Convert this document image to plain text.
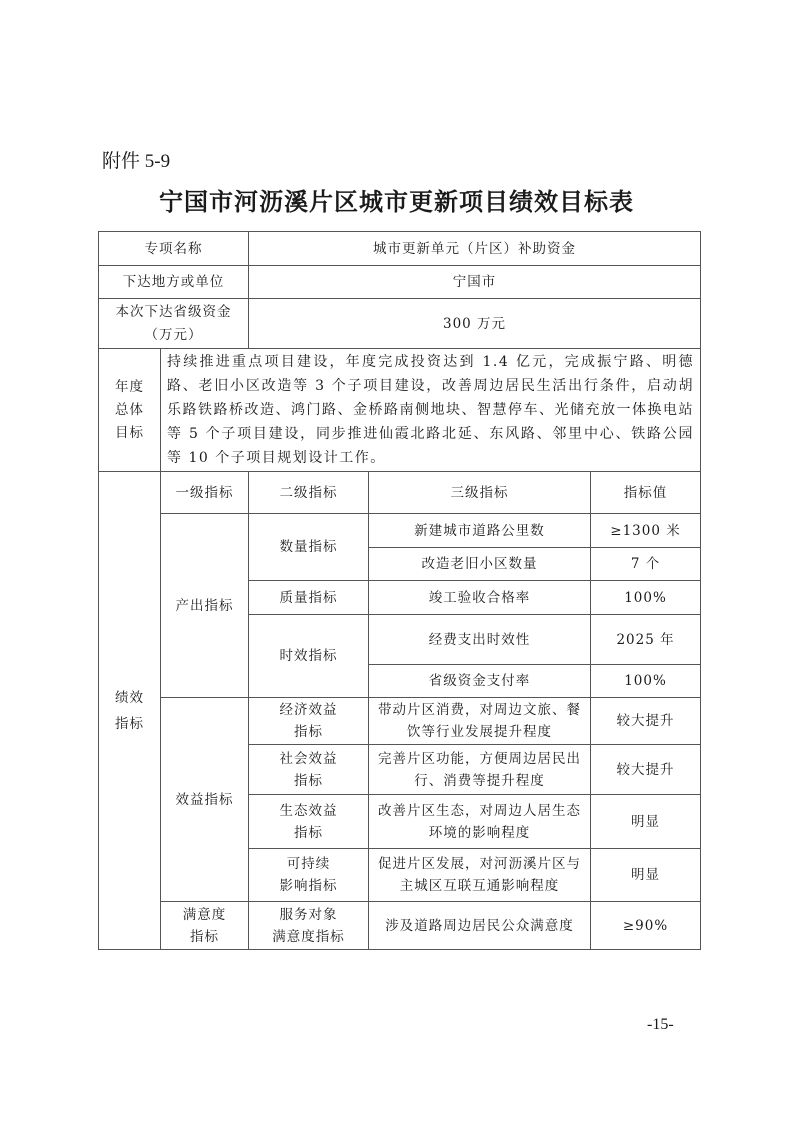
附件 5-9
宁国市河沥溪片区城市更新项目绩效目标表
专项名称		城市更新单元（片区）补助资金		
下达地方或单位		宁国市		

本次下达省级资金
（万元）		300 万元		

年度
总体
目标	持续推进重点项目建设，年度完成投资达到 1.4 亿元，完成振宁路、明德路、老旧小区改造等 3 个子项目建设，改善周边居民生活出行条件，启动胡乐路铁路桥改造、鸿门路、金桥路南侧地块、智慧停车、光储充放一体换电站等 5 个子项目建设，同步推进仙霞北路北延、东风路、邻里中心、铁路公园等 10 个子项目规划设计工作。			

绩效
指标	一级指标	二级指标	三级指标	指标值
	产出指标	数量指标	新建城市道路公里数	≥1300 米
			改造老旧小区数量	7 个
		质量指标	竣工验收合格率	100%
		时效指标	经费支出时效性	2025 年
			省级资金支付率	100%
	效益指标	经济效益
指标	带动片区消费，对周边文旅、餐
饮等行业发展提升程度	较大提升

		社会效益
指标	完善片区功能，方便周边居民出
行、消费等提升程度	较大提升

		生态效益
指标	改善片区生态，对周边人居生态
环境的影响程度	明显

		可持续
影响指标	促进片区发展，对河沥溪片区与
主城区互联互通影响程度	明显

	满意度
指标	服务对象
满意度指标	涉及道路周边居民公众满意度	≥90%
-15-
